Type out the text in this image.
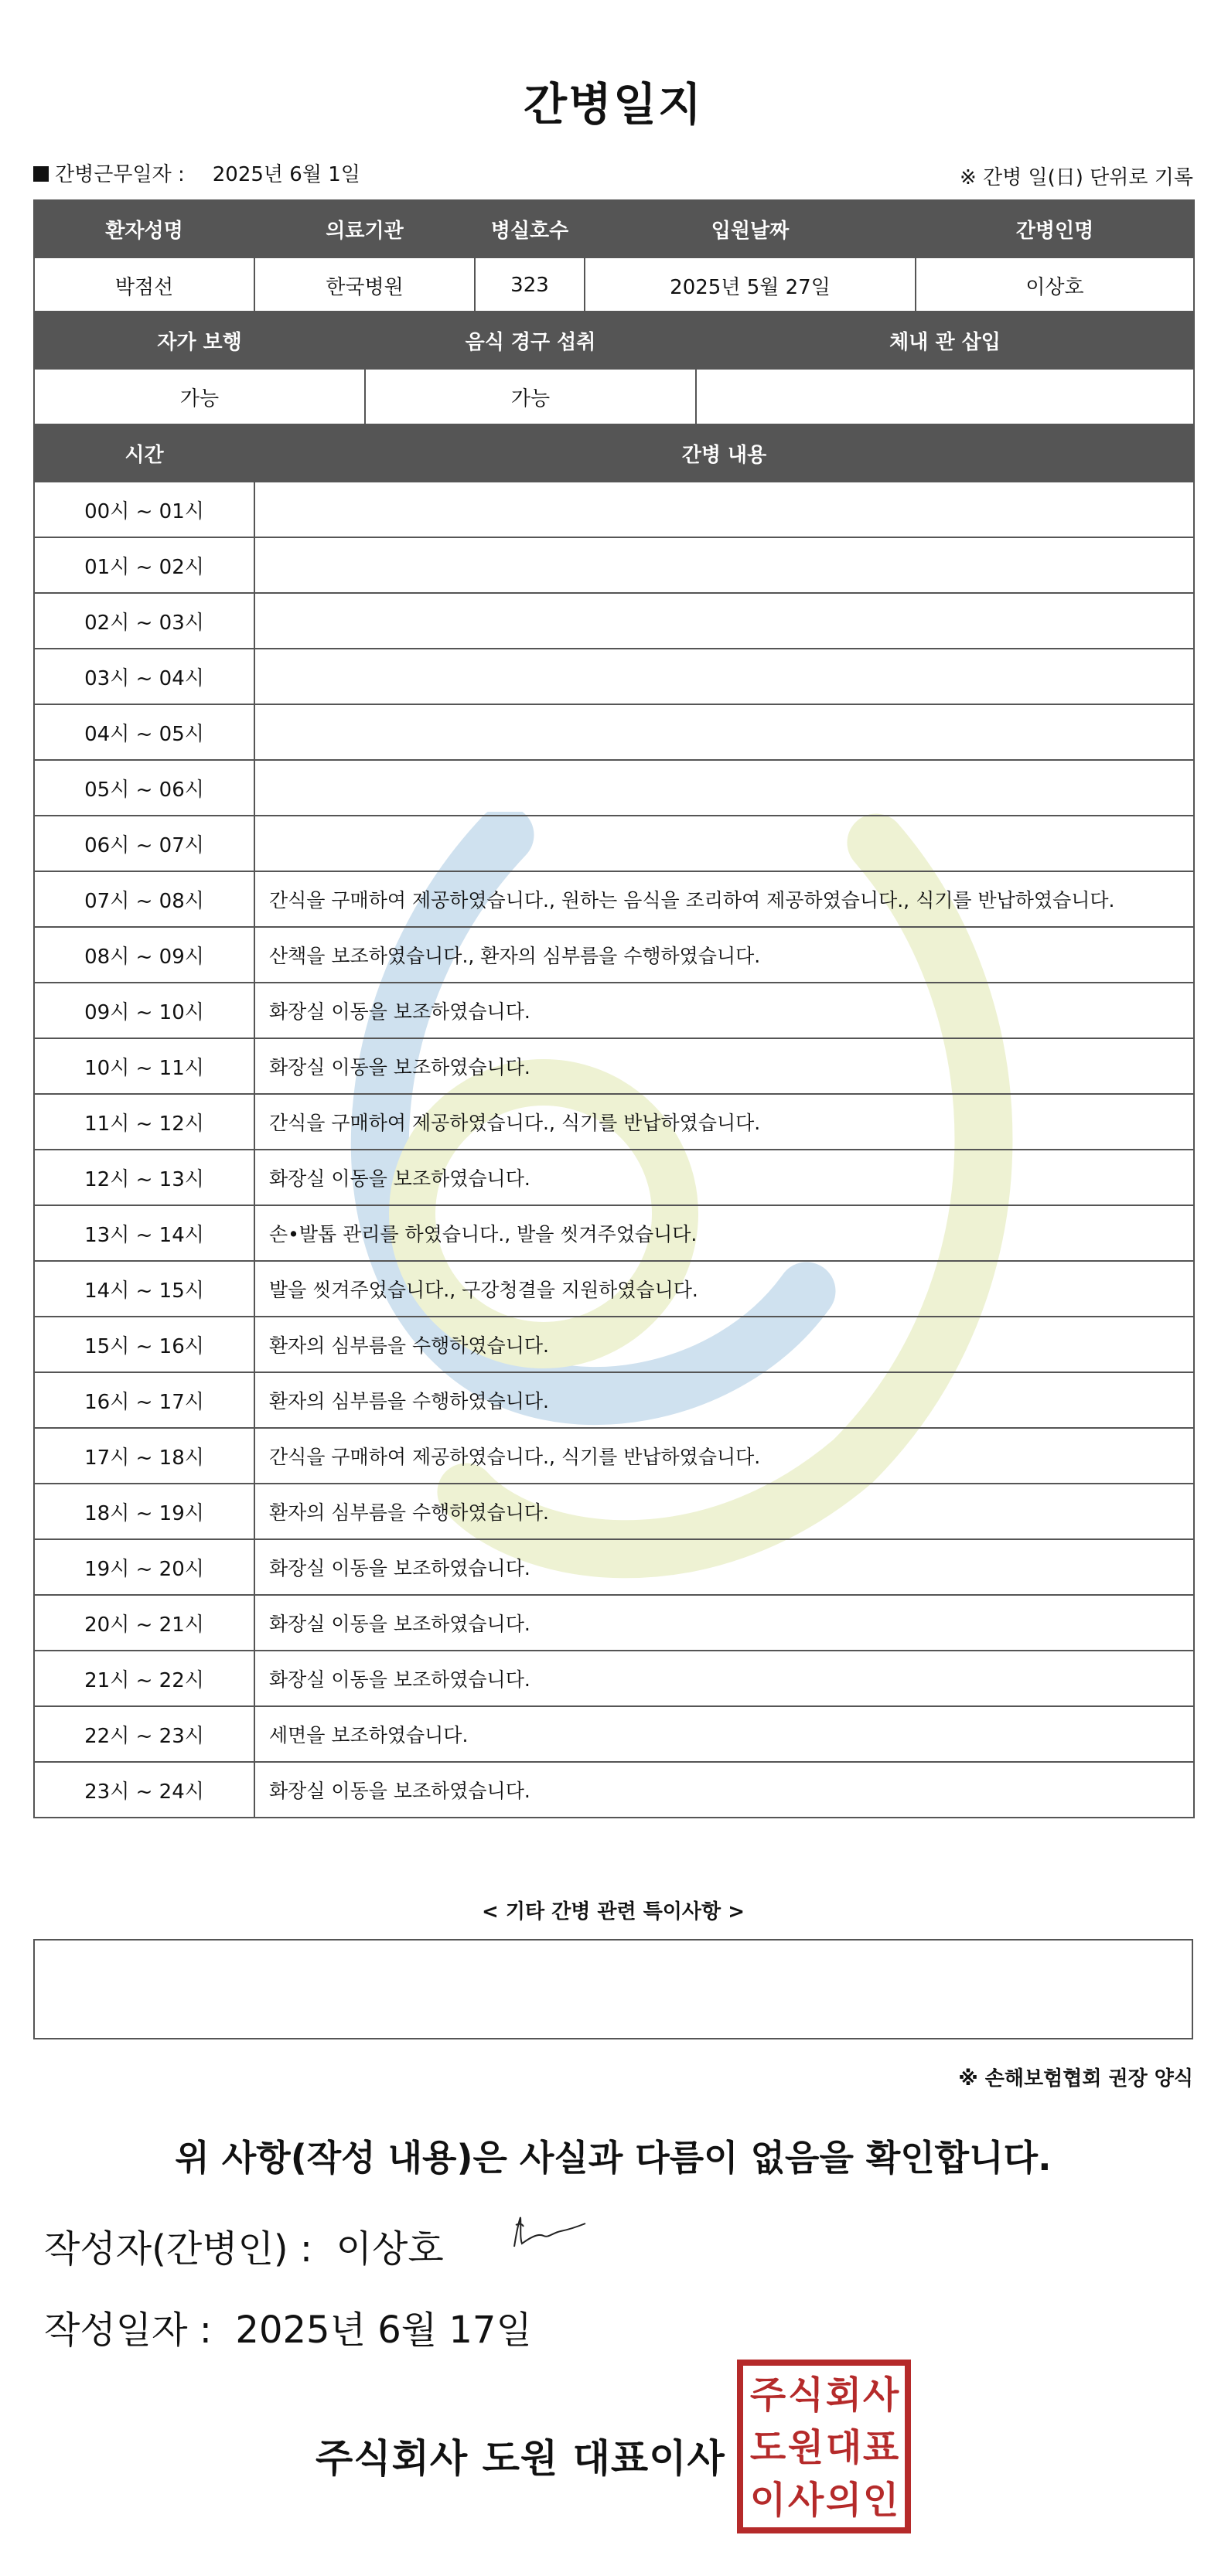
간병일지
간병근무일자 : 2025년 6월 1일	※ 간병 일(日) 단위로 기록
환자성명	의료기관	병실호수	입원날짜	간병인명
박점선	한국병원	323	2025년 5월 27일	이상호
자가 보행	음식 경구 섭취	체내 관 삽입
가능	가능	
시간	간병 내용
00시 ~ 01시	
01시 ~ 02시	
02시 ~ 03시	
03시 ~ 04시	
04시 ~ 05시	
05시 ~ 06시	
06시 ~ 07시	
07시 ~ 08시	간식을 구매하여 제공하였습니다., 원하는 음식을 조리하여 제공하였습니다., 식기를 반납하였습니다.
08시 ~ 09시	산책을 보조하였습니다., 환자의 심부름을 수행하였습니다.
09시 ~ 10시	화장실 이동을 보조하였습니다.
10시 ~ 11시	화장실 이동을 보조하였습니다.
11시 ~ 12시	간식을 구매하여 제공하였습니다., 식기를 반납하였습니다.
12시 ~ 13시	화장실 이동을 보조하였습니다.
13시 ~ 14시	손•발톱 관리를 하였습니다., 발을 씻겨주었습니다.
14시 ~ 15시	발을 씻겨주었습니다., 구강청결을 지원하였습니다.
15시 ~ 16시	환자의 심부름을 수행하였습니다.
16시 ~ 17시	환자의 심부름을 수행하였습니다.
17시 ~ 18시	간식을 구매하여 제공하였습니다., 식기를 반납하였습니다.
18시 ~ 19시	환자의 심부름을 수행하였습니다.
19시 ~ 20시	화장실 이동을 보조하였습니다.
20시 ~ 21시	화장실 이동을 보조하였습니다.
21시 ~ 22시	화장실 이동을 보조하였습니다.
22시 ~ 23시	세면을 보조하였습니다.
23시 ~ 24시	화장실 이동을 보조하였습니다.
< 기타 간병 관련 특이사항 >
※ 손해보험협회 권장 양식
위 사항(작성 내용)은 사실과 다름이 없음을 확인합니다.
작성자(간병인) : 이상호
작성일자 : 2025년 6월 17일
주식회사 도원 대표이사
주 식 회 사
도 원 대 표
이 사 의 인
